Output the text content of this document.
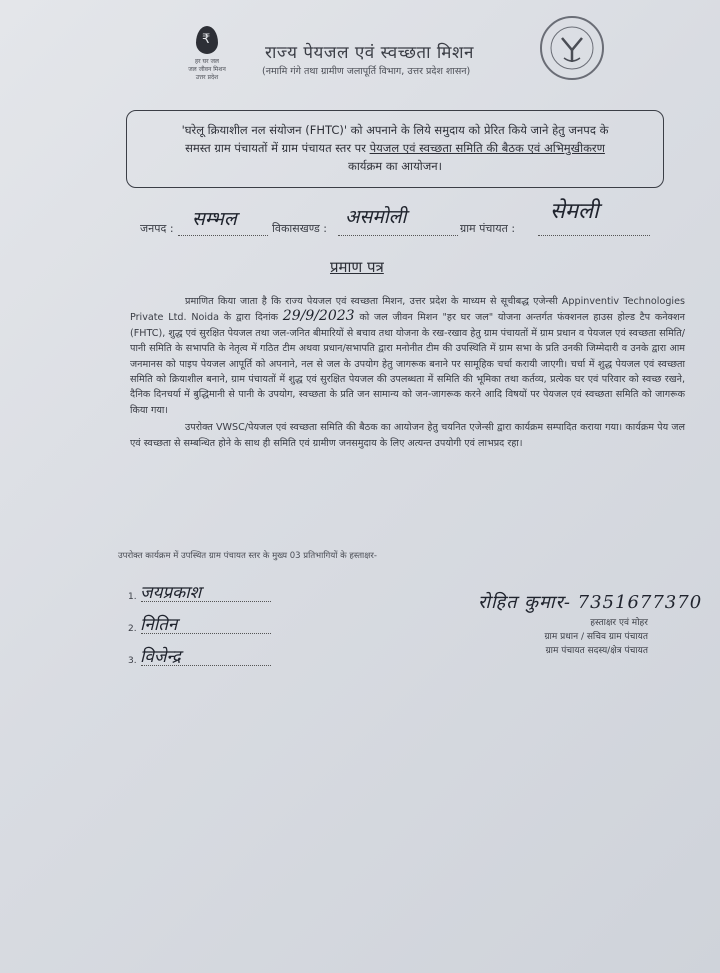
₹
हर घर जल
जल जीवन मिशन
उत्तर प्रदेश
राज्य पेयजल एवं स्वच्छता मिशन
(नमामि गंगे तथा ग्रामीण जलापूर्ति विभाग, उत्तर प्रदेश शासन)
'घरेलू क्रियाशील नल संयोजन (FHTC)' को अपनाने के लिये समुदाय को प्रेरित किये जाने हेतु जनपद के
समस्त ग्राम पंचायतों में ग्राम पंचायत स्तर पर पेयजल एवं स्वच्छता समिति की बैठक एवं अभिमुखीकरण
कार्यक्रम का आयोजन।
जनपद : सम्भल	विकासखण्ड :
असमोली
ग्राम पंचायत :
सेमली
प्रमाण पत्र

प्रमाणित किया जाता है कि राज्य पेयजल एवं स्वच्छता मिशन, उत्तर प्रदेश के माध्यम से सूचीबद्ध एजेन्सी Appinventiv Technologies Private Ltd. Noida के द्वारा दिनांक 29/9/2023 को जल जीवन मिशन "हर घर जल" योजना अन्तर्गत फंक्शनल हाउस होल्ड टैप कनेक्शन (FHTC), शुद्ध एवं सुरक्षित पेयजल तथा जल-जनित बीमारियों से बचाव तथा योजना के रख-रखाव हेतु ग्राम पंचायतों में ग्राम प्रधान व पेयजल एवं स्वच्छता समिति/पानी समिति के सभापति के नेतृत्व में गठित टीम अथवा प्रधान/सभापति द्वारा मनोनीत टीम की उपस्थिति में ग्राम सभा के प्रति उनकी जिम्मेदारी व उनके द्वारा आम जनमानस को पाइप पेयजल आपूर्ति को अपनाने, नल से जल के उपयोग हेतु जागरूक बनाने पर सामूहिक चर्चा करायी जाएगी। चर्चा में शुद्ध पेयजल एवं स्वच्छता समिति को क्रियाशील बनाने, ग्राम पंचायतों में शुद्ध एवं सुरक्षित पेयजल की उपलब्धता में समिति की भूमिका तथा कर्तव्य, प्रत्येक घर एवं परिवार को स्वच्छ रखने, दैनिक दिनचर्या में बुद्धिमानी से पानी के उपयोग, स्वच्छता के प्रति जन सामान्य को जन-जागरूक करने आदि विषयों पर पेयजल एवं स्वच्छता समिति को जागरूक किया गया।

उपरोक्त VWSC/पेयजल एवं स्वच्छता समिति की बैठक का आयोजन हेतु चयनित एजेन्सी द्वारा कार्यक्रम सम्पादित कराया गया। कार्यक्रम पेय जल एवं स्वच्छता से सम्बन्धित होने के साथ ही समिति एवं ग्रामीण जनसमुदाय के लिए अत्यन्त उपयोगी एवं लाभप्रद रहा।

उपरोक्त कार्यक्रम में उपस्थित ग्राम पंचायत स्तर के मुख्य 03 प्रतिभागियों के हस्ताक्षर-
1. जयप्रकाश
2. नितिन
3. विजेन्द्र
रोहित कुमार- 7351677370
हस्ताक्षर एवं मोहर
ग्राम प्रधान / सचिव ग्राम पंचायत
ग्राम पंचायत सदस्य/क्षेत्र पंचायत
